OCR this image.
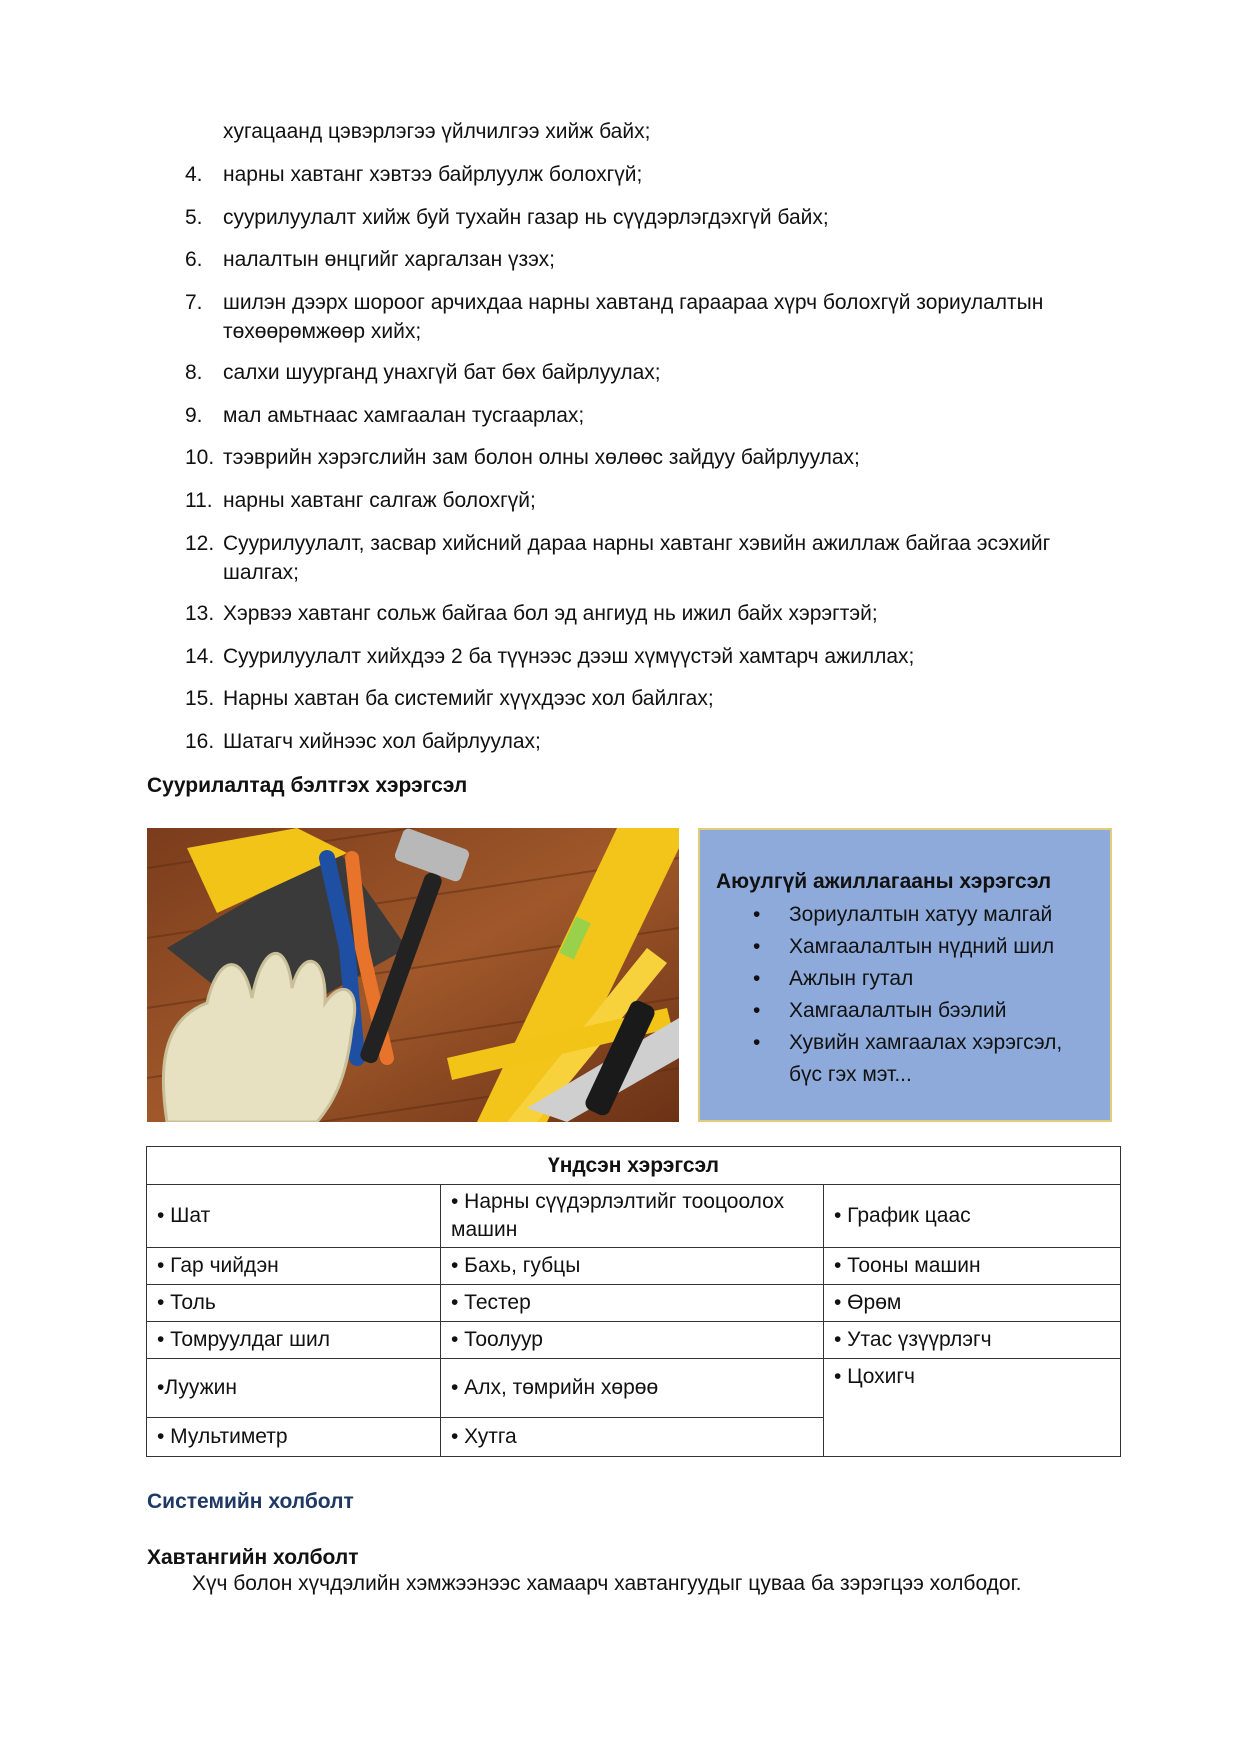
хугацаанд цэвэрлэгээ үйлчилгээ хийж байх;
4. нарны хавтанг хэвтээ байрлуулж болохгүй;
5. суурилуулалт хийж буй тухайн газар нь сүүдэрлэгдэхгүй байх;
6. налалтын өнцгийг харгалзан үзэх;
7. шилэн дээрх шороог арчихдаа нарны хавтанд гараараа хүрч болохгүй зориулалтын төхөөрөмжөөр хийх;
8. салхи шуурганд унахгүй бат бөх байрлуулах;
9. мал амьтнаас хамгаалан тусгаарлах;
10. тээврийн хэрэгслийн зам болон олны хөлөөс зайдуу байрлуулах;
11. нарны хавтанг салгаж болохгүй;
12. Суурилуулалт, засвар хийсний дараа нарны хавтанг хэвийн ажиллаж байгаа эсэхийг шалгах;
13. Хэрвээ хавтанг сольж байгаа бол эд ангиуд нь ижил байх хэрэгтэй;
14. Суурилуулалт хийхдээ 2 ба түүнээс дээш хүмүүстэй хамтарч ажиллах;
15. Нарны хавтан ба системийг хүүхдээс хол байлгах;
16. Шатагч хийнээс хол байрлуулах;
Суурилалтад бэлтгэх хэрэгсэл
Аюулгүй ажиллагааны хэрэгсэл
• Зориулалтын хатуу малгай
• Хамгаалалтын нүдний шил
• Ажлын гутал
• Хамгаалалтын бээлий
• Хувийн хамгаалах хэрэгсэл, бүс гэх мэт...
Үндсэн хэрэгсэл		
• Шат	• Нарны сүүдэрлэлтийг тооцоолох машин	• График цаас
• Гар чийдэн	• Бахь, губцы	• Тооны машин
• Толь	• Тестер	• Өрөм
• Томруулдаг шил	• Тоолуур	• Утас үзүүрлэгч
•Луужин	• Алх, төмрийн хөрөө	• Цохигч
• Мультиметр	• Хутга	
Системийн холболт
Хавтангийн холболт
Хүч болон хүчдэлийн хэмжээнээс хамаарч хавтангуудыг цуваа ба зэрэгцээ холбодог.
